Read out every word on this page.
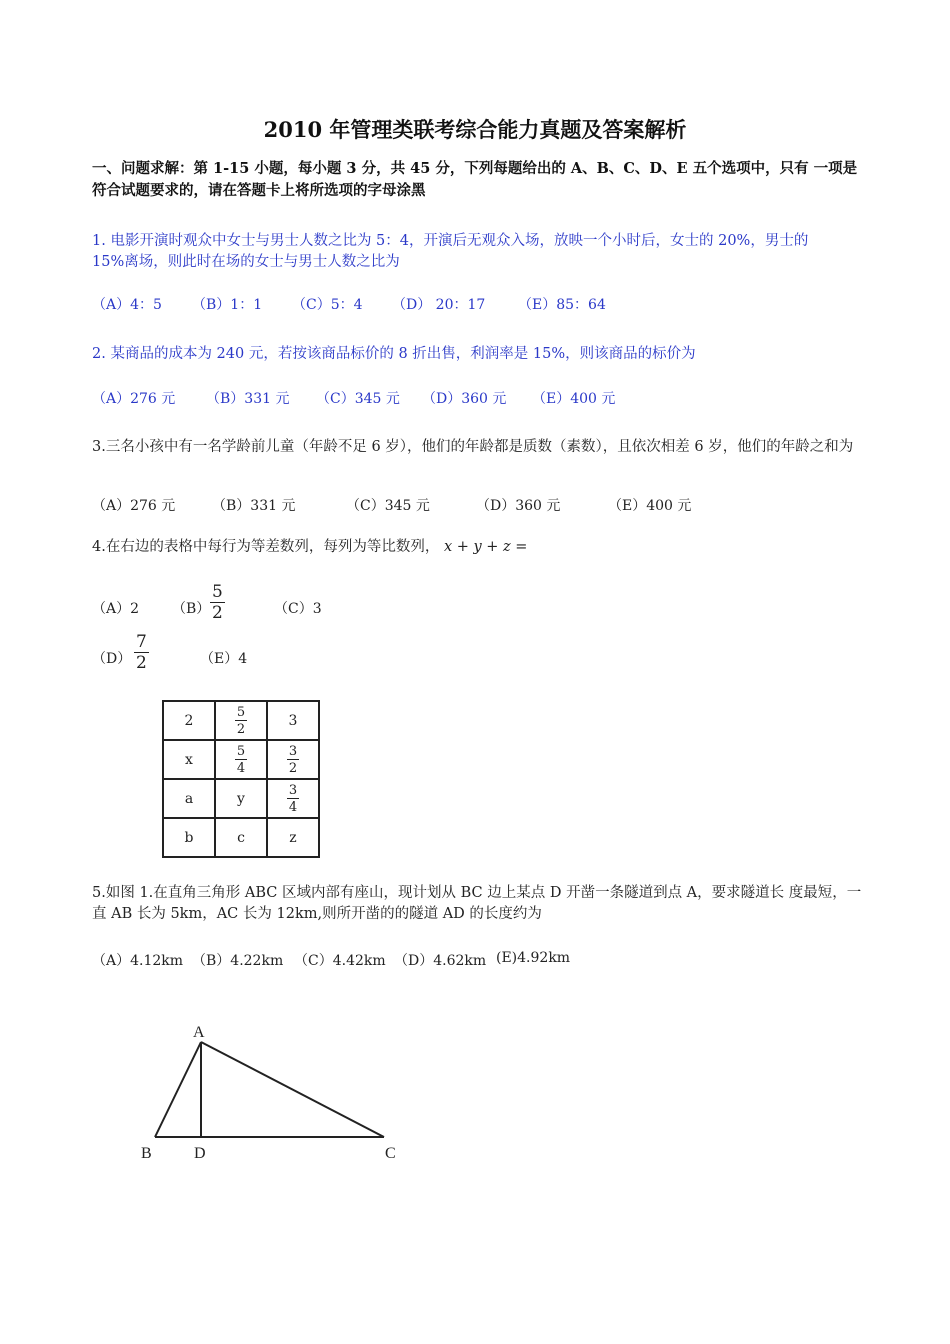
2010 年管理类联考综合能力真题及答案解析
一、问题求解：第 1-15 小题，每小题 3 分，共 45 分，下列每题给出的 A、B、C、D、E 五个选项中，只有 一项是符合试题要求的，请在答题卡上将所选项的字母涂黑
1. 电影开演时观众中女士与男士人数之比为 5：4，开演后无观众入场，放映一个小时后，女士的 20%，男士的 15%离场，则此时在场的女士与男士人数之比为
（A）4：5 （B）1：1 （C）5：4 （D） 20：17 （E）85：64
2. 某商品的成本为 240 元，若按该商品标价的 8 折出售，利润率是 15%，则该商品的标价为
（A）276 元 （B）331 元 （C）345 元 （D）360 元 （E）400 元
3.三名小孩中有一名学龄前儿童（年龄不足 6 岁），他们的年龄都是质数（素数），且依次相差 6 岁，他们的年龄之和为
（A）276 元	（B）331 元	（C）345 元	（D）360 元	（E）400 元
4.在右边的表格中每行为等差数列，每列为等比数列， x + y + z =
（A）2 $(B) \frac{5}{2}$	（C）3
$(D) \frac{7}{2}$	（E）4
2	$\frac{5}{2}$	3
x	$\frac{5}{4}$	$\frac{3}{2}$

a	y	$\frac{3}{4}$

b	c	z
5.如图 1.在直角三角形 ABC 区域内部有座山，现计划从 BC 边上某点 D 开凿一条隧道到点 A，要求隧道长 度最短，一直 AB 长为 5km，AC 长为 12km,则所开凿的的隧道 AD 的长度约为
（A）4.12km （B）4.22km （C）4.42km （D）4.62km (E)4.92km
A
B	D	C
